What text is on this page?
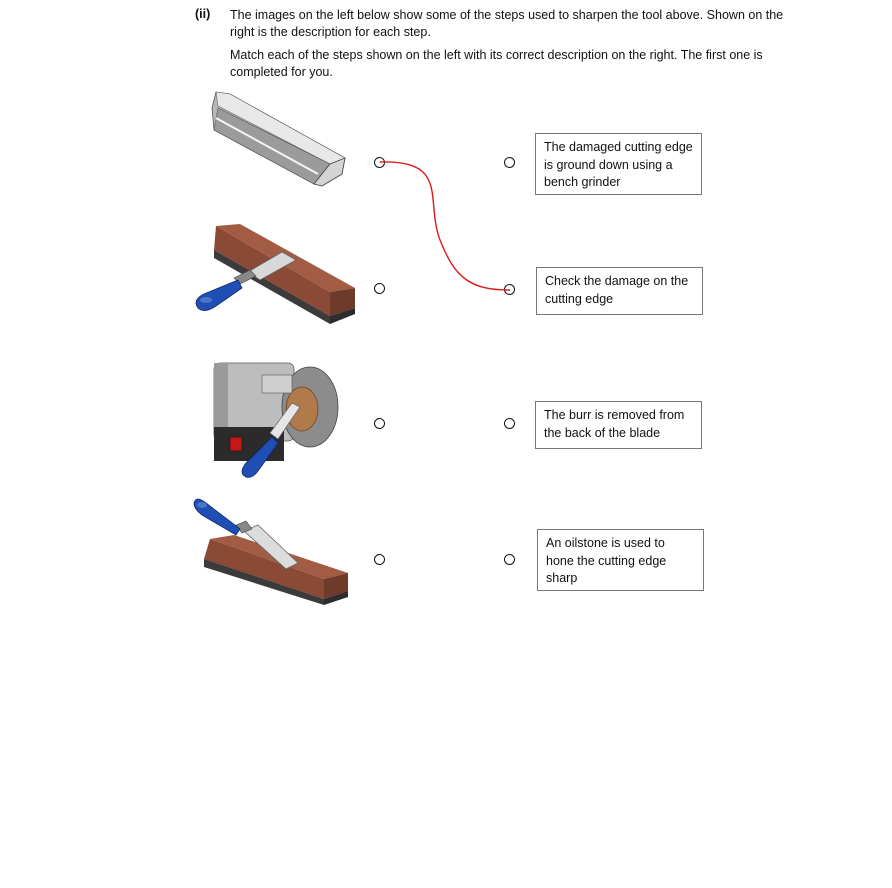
(ii) The images on the left below show some of the steps used to sharpen the tool above. Shown on the right is the description for each step.

Match each of the steps shown on the left with its correct description on the right. The first one is completed for you.

The damaged cutting edge is ground down using a bench grinder
Check the damage on the cutting edge
The burr is removed from the back of the blade
An oilstone is used to hone the cutting edge sharp
